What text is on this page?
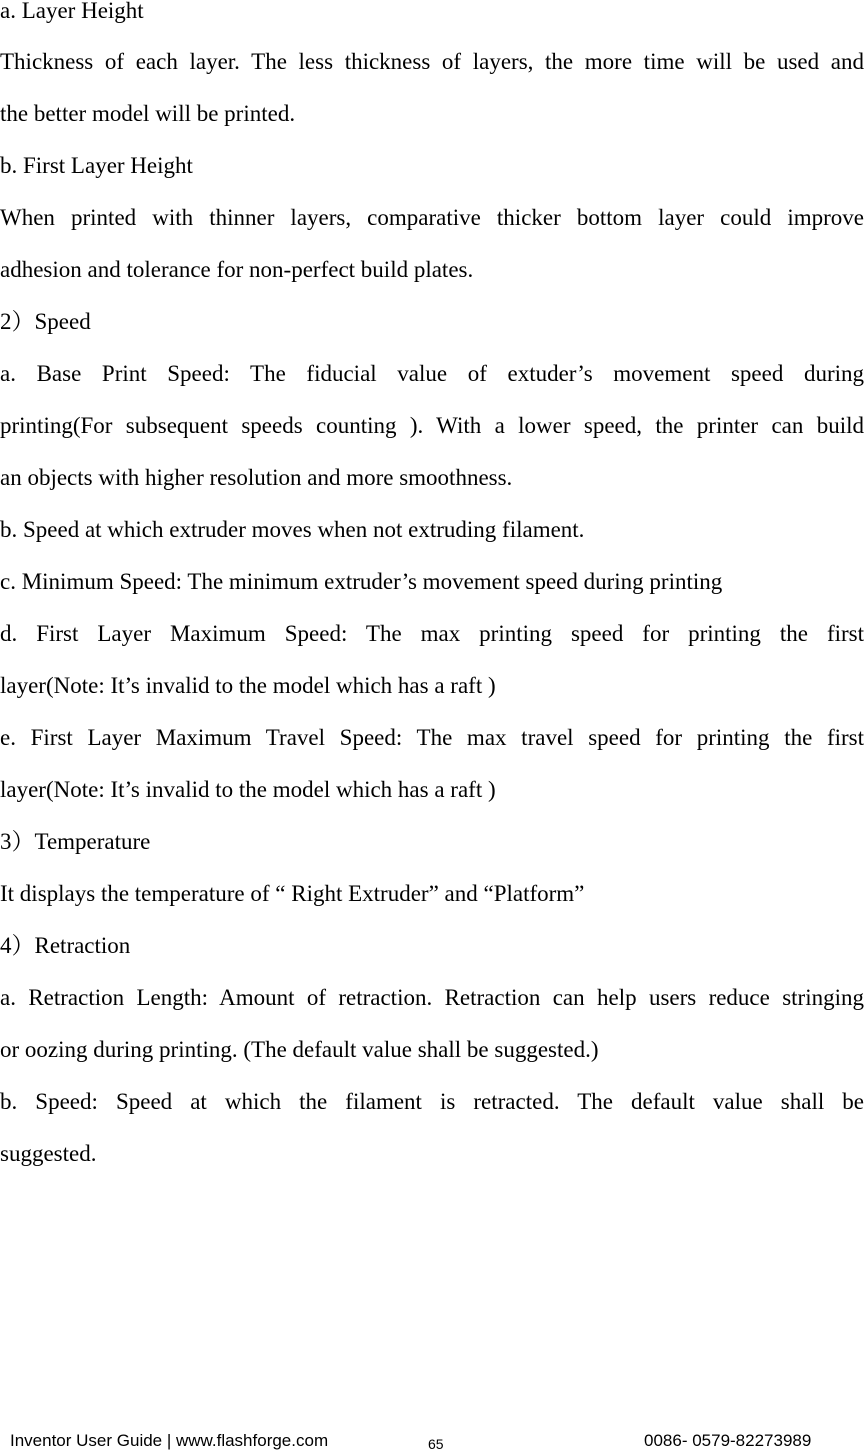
a. Layer Height
Thickness of each layer. The less thickness of layers, the more time will be used and
the better model will be printed.
b. First Layer Height
When printed with thinner layers, comparative thicker bottom layer could improve
adhesion and tolerance for non-perfect build plates.
2）Speed
a. Base Print Speed: The fiducial value of extuder’s movement speed during
printing(For subsequent speeds counting ). With a lower speed, the printer can build
an objects with higher resolution and more smoothness.
b. Speed at which extruder moves when not extruding filament.
c. Minimum Speed: The minimum extruder’s movement speed during printing
d. First Layer Maximum Speed: The max printing speed for printing the first
layer(Note: It’s invalid to the model which has a raft )
e. First Layer Maximum Travel Speed: The max travel speed for printing the first
layer(Note: It’s invalid to the model which has a raft )
3）Temperature
It displays the temperature of “ Right Extruder” and “Platform”
4）Retraction
a. Retraction Length: Amount of retraction. Retraction can help users reduce stringing
or oozing during printing. (The default value shall be suggested.)
b. Speed: Speed at which the filament is retracted. The default value shall be
suggested.
Inventor User Guide | www.flashforge.com	65	0086- 0579-82273989
